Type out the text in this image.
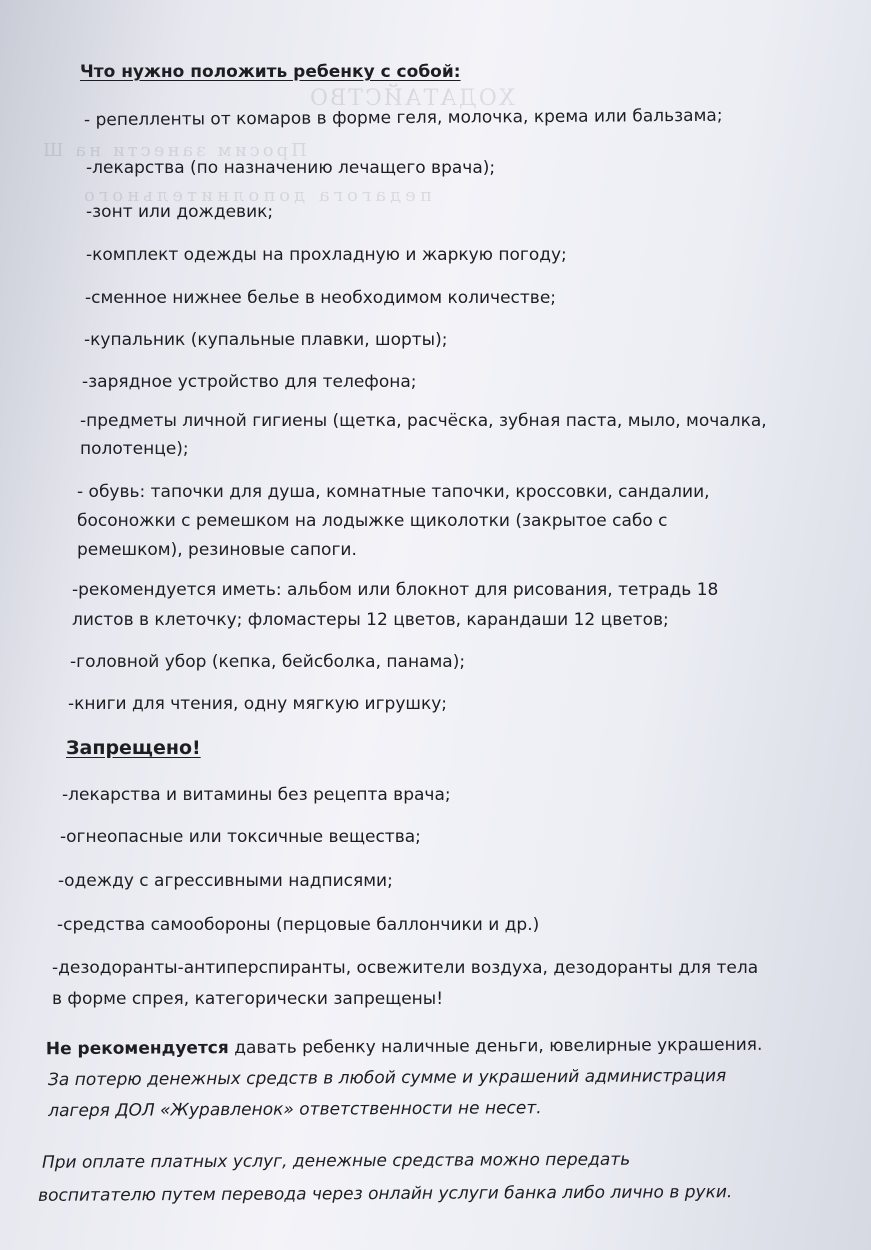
ХОДАТАЙСТВО
Просим занести на Ш
педагога дополнительного
Что нужно положить ребенку с собой:
- репелленты от комаров в форме геля, молочка, крема или бальзама;
-лекарства (по назначению лечащего врача);
-зонт или дождевик;
-комплект одежды на прохладную и жаркую погоду;
-сменное нижнее белье в необходимом количестве;
-купальник (купальные плавки, шорты);
-зарядное устройство для телефона;
-предметы личной гигиены (щетка, расчёска, зубная паста, мыло, мочалка,
полотенце);
- обувь: тапочки для душа, комнатные тапочки, кроссовки, сандалии,
босоножки с ремешком на лодыжке щиколотки (закрытое сабо с
ремешком), резиновые сапоги.
-рекомендуется иметь: альбом или блокнот для рисования, тетрадь 18
листов в клеточку; фломастеры 12 цветов, карандаши 12 цветов;
-головной убор (кепка, бейсболка, панама);
-книги для чтения, одну мягкую игрушку;
Запрещено!
-лекарства и витамины без рецепта врача;
-огнеопасные или токсичные вещества;
-одежду с агрессивными надписями;
-средства самообороны (перцовые баллончики и др.)
-дезодоранты-антиперспиранты, освежители воздуха, дезодоранты для тела
в форме спрея, категорически запрещены!
Не рекомендуется давать ребенку наличные деньги, ювелирные украшения.
За потерю денежных средств в любой сумме и украшений администрация
лагеря ДОЛ «Журавленок» ответственности не несет.
При оплате платных услуг, денежные средства можно передать
воспитателю путем перевода через онлайн услуги банка либо лично в руки.
